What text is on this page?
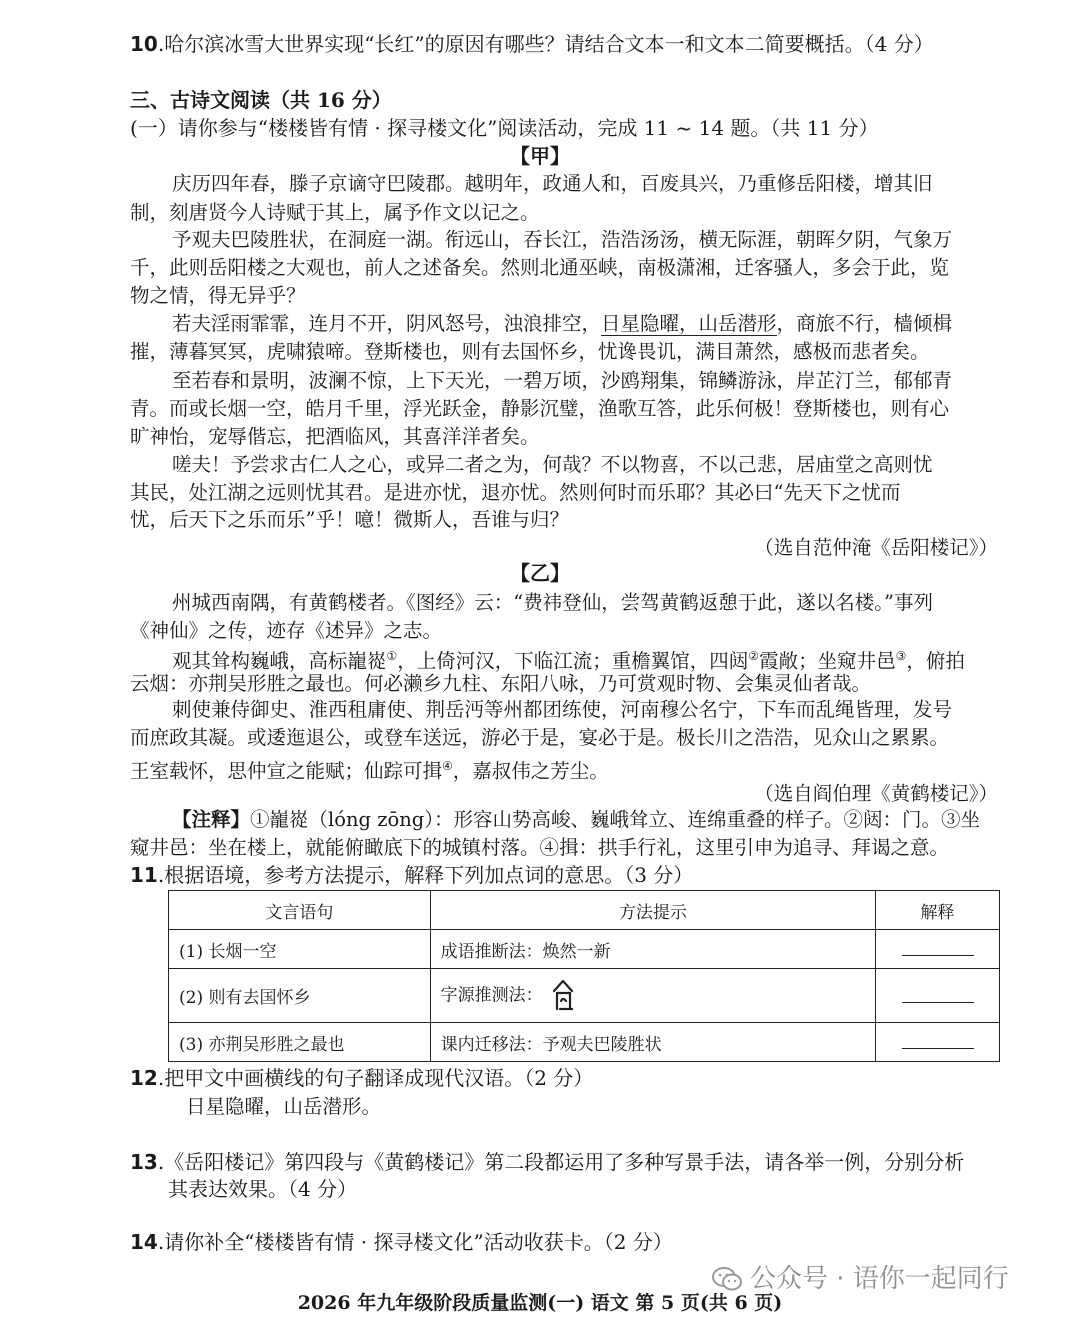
10.哈尔滨冰雪大世界实现“长红”的原因有哪些？请结合文本一和文本二简要概括。（4 分）
三、古诗文阅读（共 16 分）
(一）请你参与“楼楼皆有情 · 探寻楼文化”阅读活动，完成 11 ~ 14 题。（共 11 分）
【甲】
庆历四年春，滕子京谪守巴陵郡。越明年，政通人和，百废具兴，乃重修岳阳楼，增其旧
制，刻唐贤今人诗赋于其上，属予作文以记之。
予观夫巴陵胜状，在洞庭一湖。衔远山，吞长江，浩浩汤汤，横无际涯，朝晖夕阴，气象万
千，此则岳阳楼之大观也，前人之述备矣。然则北通巫峡，南极潇湘，迁客骚人，多会于此，览
物之情，得无异乎？
若夫淫雨霏霏，连月不开，阴风怒号，浊浪排空，日星隐曜，山岳潜形，商旅不行，樯倾楫
摧，薄暮冥冥，虎啸猿啼。登斯楼也，则有去国怀乡，忧谗畏讥，满目萧然，感极而悲者矣。
至若春和景明，波澜不惊，上下天光，一碧万顷，沙鸥翔集，锦鳞游泳，岸芷汀兰，郁郁青
青。而或长烟一空，皓月千里，浮光跃金，静影沉璧，渔歌互答，此乐何极！登斯楼也，则有心
旷神怡，宠辱偕忘，把酒临风，其喜洋洋者矣。
嗟夫！予尝求古仁人之心，或异二者之为，何哉？不以物喜，不以己悲，居庙堂之高则忧
其民，处江湖之远则忧其君。是进亦忧，退亦忧。然则何时而乐耶？其必曰“先天下之忧而
忧，后天下之乐而乐”乎！噫！微斯人，吾谁与归？
（选自范仲淹《岳阳楼记》）
【乙】
州城西南隅，有黄鹤楼者。《图经》云：“费祎登仙，尝驾黄鹤返憩于此，遂以名楼。”事列
《神仙》之传，迹存《述异》之志。
观其耸构巍峨，高标巃嵸①，上倚河汉，下临江流；重檐翼馆，四闼②霞敞；坐窥井邑③，俯拍
云烟：亦荆吴形胜之最也。何必濑乡九柱、东阳八咏，乃可赏观时物、会集灵仙者哉。
刺使兼侍御史、淮西租庸使、荆岳沔等州都团练使，河南穆公名宁，下车而乱绳皆理，发号
而庶政其凝。或逶迤退公，或登车送远，游必于是，宴必于是。极长川之浩浩，见众山之累累。
王室载怀，思仲宣之能赋；仙踪可揖④，嘉叔伟之芳尘。
（选自阎伯理《黄鹤楼记》）
【注释】①巃嵸（lóng zōng）：形容山势高峻、巍峨耸立、连绵重叠的样子。②闼：门。③坐
窥井邑：坐在楼上，就能俯瞰底下的城镇村落。④揖：拱手行礼，这里引申为追寻、拜谒之意。
11.根据语境，参考方法提示，解释下列加点词的意思。（3 分）
文言语句	方法提示	解释
(1) 长烟一空	成语推断法：焕然一新	
(2) 则有去国怀乡	字源推测法：	
(3) 亦荆吴形胜之最也	课内迁移法：予观夫巴陵胜状	
12.把甲文中画横线的句子翻译成现代汉语。（2 分）
日星隐曜，山岳潜形。
13.《岳阳楼记》第四段与《黄鹤楼记》第二段都运用了多种写景手法，请各举一例，分别分析
其表达效果。（4 分）
14.请你补全“楼楼皆有情 · 探寻楼文化”活动收获卡。（2 分）
公众号 · 语你一起同行
2026 年九年级阶段质量监测(一) 语文 第 5 页(共 6 页)
